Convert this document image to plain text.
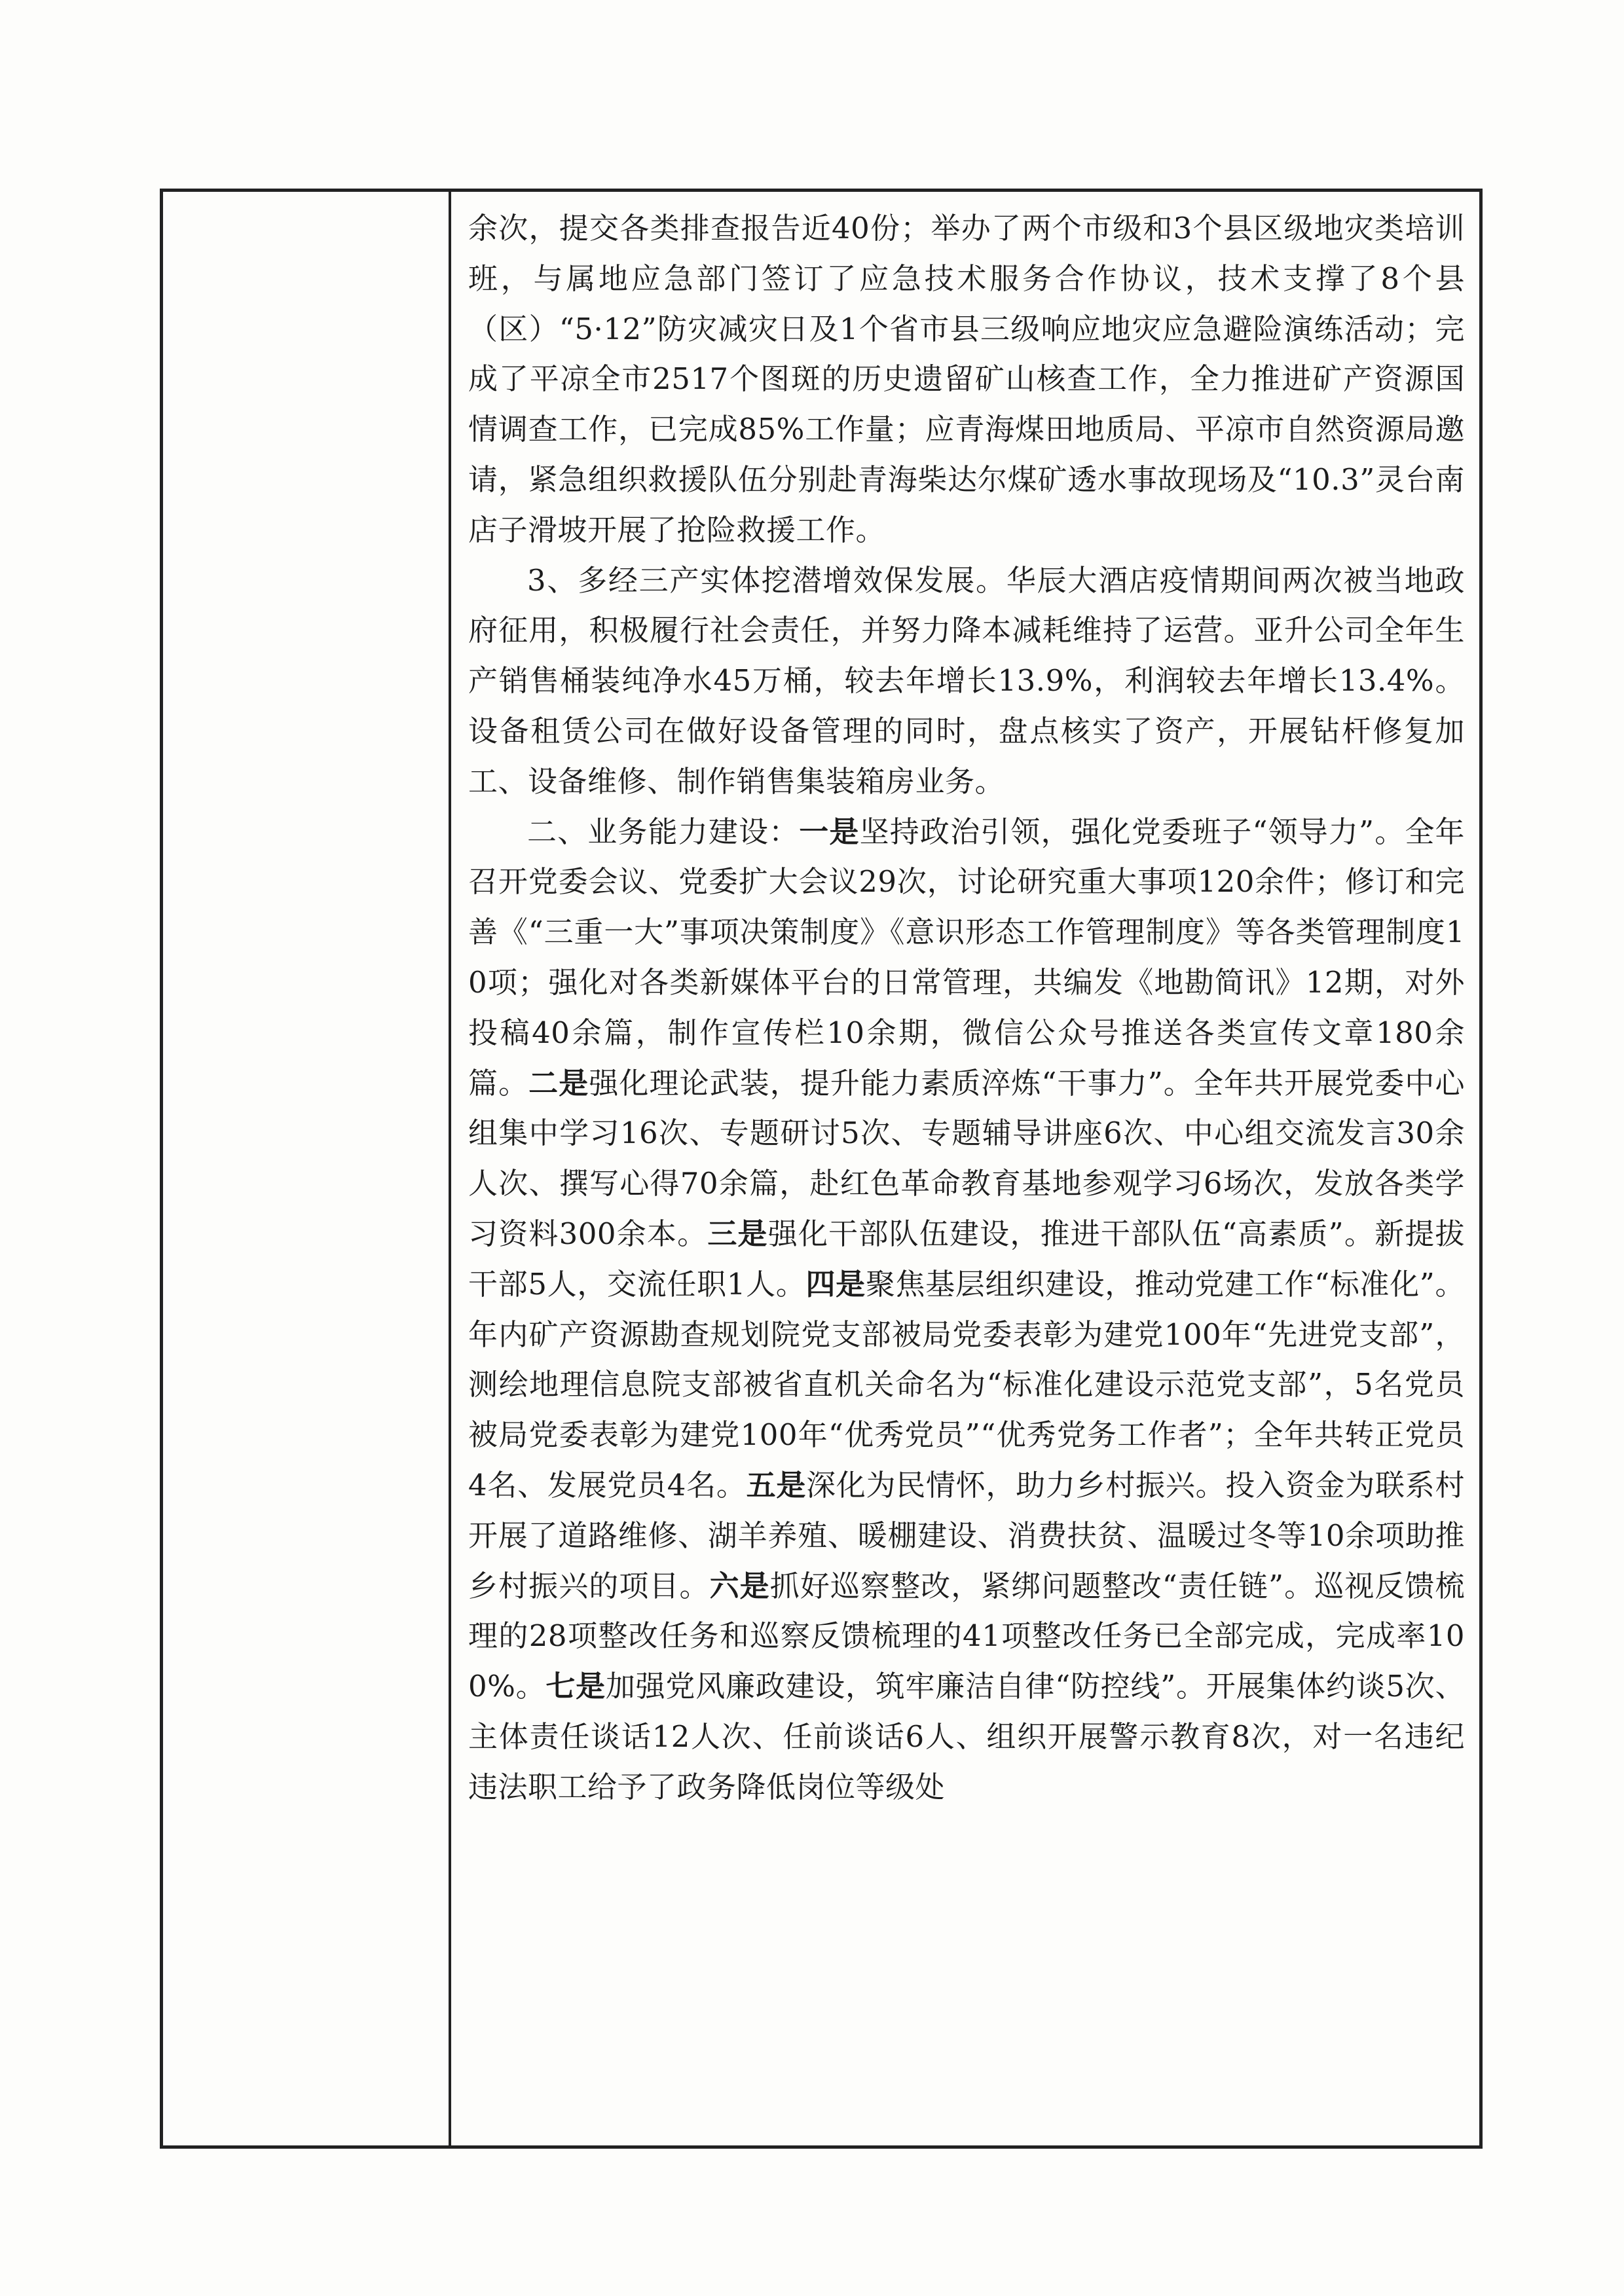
余次，提交各类排查报告近40份；举办了两个市级和3个县区级地灾类培训班，与属地应急部门签订了应急技术服务合作协议，技术支撑了8个县（区）“5·12”防灾减灾日及1个省市县三级响应地灾应急避险演练活动；完成了平凉全市2517个图斑的历史遗留矿山核查工作，全力推进矿产资源国情调查工作，已完成85%工作量；应青海煤田地质局、平凉市自然资源局邀请，紧急组织救援队伍分别赴青海柴达尔煤矿透水事故现场及“10.3”灵台南店子滑坡开展了抢险救援工作。

3、多经三产实体挖潜增效保发展。华辰大酒店疫情期间两次被当地政府征用，积极履行社会责任，并努力降本减耗维持了运营。亚升公司全年生产销售桶装纯净水45万桶，较去年增长13.9%，利润较去年增长13.4%。设备租赁公司在做好设备管理的同时，盘点核实了资产，开展钻杆修复加工、设备维修、制作销售集装箱房业务。

二、业务能力建设：一是坚持政治引领，强化党委班子“领导力”。全年召开党委会议、党委扩大会议29次，讨论研究重大事项120余件；修订和完善《“三重一大”事项决策制度》《意识形态工作管理制度》等各类管理制度10项；强化对各类新媒体平台的日常管理，共编发《地勘简讯》12期，对外投稿40余篇，制作宣传栏10余期，微信公众号推送各类宣传文章180余篇。二是强化理论武装，提升能力素质淬炼“干事力”。全年共开展党委中心组集中学习16次、专题研讨5次、专题辅导讲座6次、中心组交流发言30余人次、撰写心得70余篇，赴红色革命教育基地参观学习6场次，发放各类学习资料300余本。三是强化干部队伍建设，推进干部队伍“高素质”。新提拔干部5人，交流任职1人。四是聚焦基层组织建设，推动党建工作“标准化”。年内矿产资源勘查规划院党支部被局党委表彰为建党100年“先进党支部”，测绘地理信息院支部被省直机关命名为“标准化建设示范党支部”，5名党员被局党委表彰为建党100年“优秀党员”“优秀党务工作者”；全年共转正党员4名、发展党员4名。五是深化为民情怀，助力乡村振兴。投入资金为联系村开展了道路维修、湖羊养殖、暖棚建设、消费扶贫、温暖过冬等10余项助推乡村振兴的项目。六是抓好巡察整改，紧绑问题整改“责任链”。巡视反馈梳理的28项整改任务和巡察反馈梳理的41项整改任务已全部完成，完成率100%。七是加强党风廉政建设，筑牢廉洁自律“防控线”。开展集体约谈5次、主体责任谈话12人次、任前谈话6人、组织开展警示教育8次，对一名违纪违法职工给予了政务降低岗位等级处
